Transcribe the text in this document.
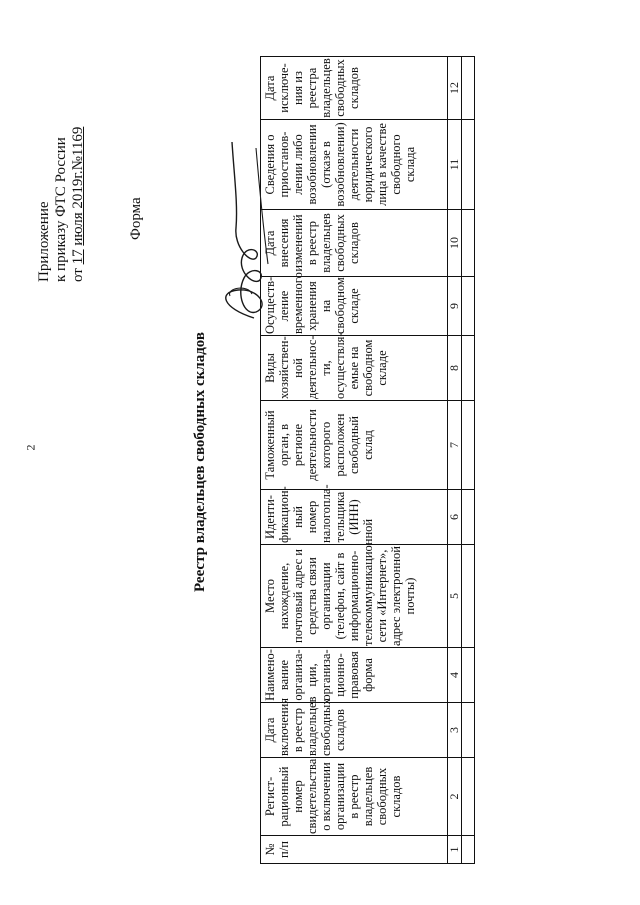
2
Приложение к приказу ФТС России от 17 июля 2019г.№1169
Форма
Реестр владельцев свободных складов
№ п/п	Регист-рационный номер свидетельства о включении организации в реестр владельцев свободных складов	Дата включения в реестр владельцев свободных складов	Наимено-вание организа-ции, организа-ционно-правовая форма	Место нахождение, почтовый адрес и средства связи организации (телефон, сайт в информационно-телекоммуникационной сети «Интернет», адрес электронной почты)	Иденти-фикацион-ный номер налогопла-тельщика (ИНН)	Таможенный орган, в регионе деятельности которого расположен свободный склад	Виды хозяйствен-ной деятельнос-ти, осуществля-емые на свободном складе	Осуществ-ление временного хранения на свободном складе	Дата внесения изменений в реестр владельцев свободных складов	Сведения о приостанов-лении либо возобновлении (отказе в возобновлении) деятельности юридического лица в качестве свободного склада	Дата исключе-ния из реестра владельцев свободных складов
1	2	3	4	5	6	7	8	9	10	11	12
